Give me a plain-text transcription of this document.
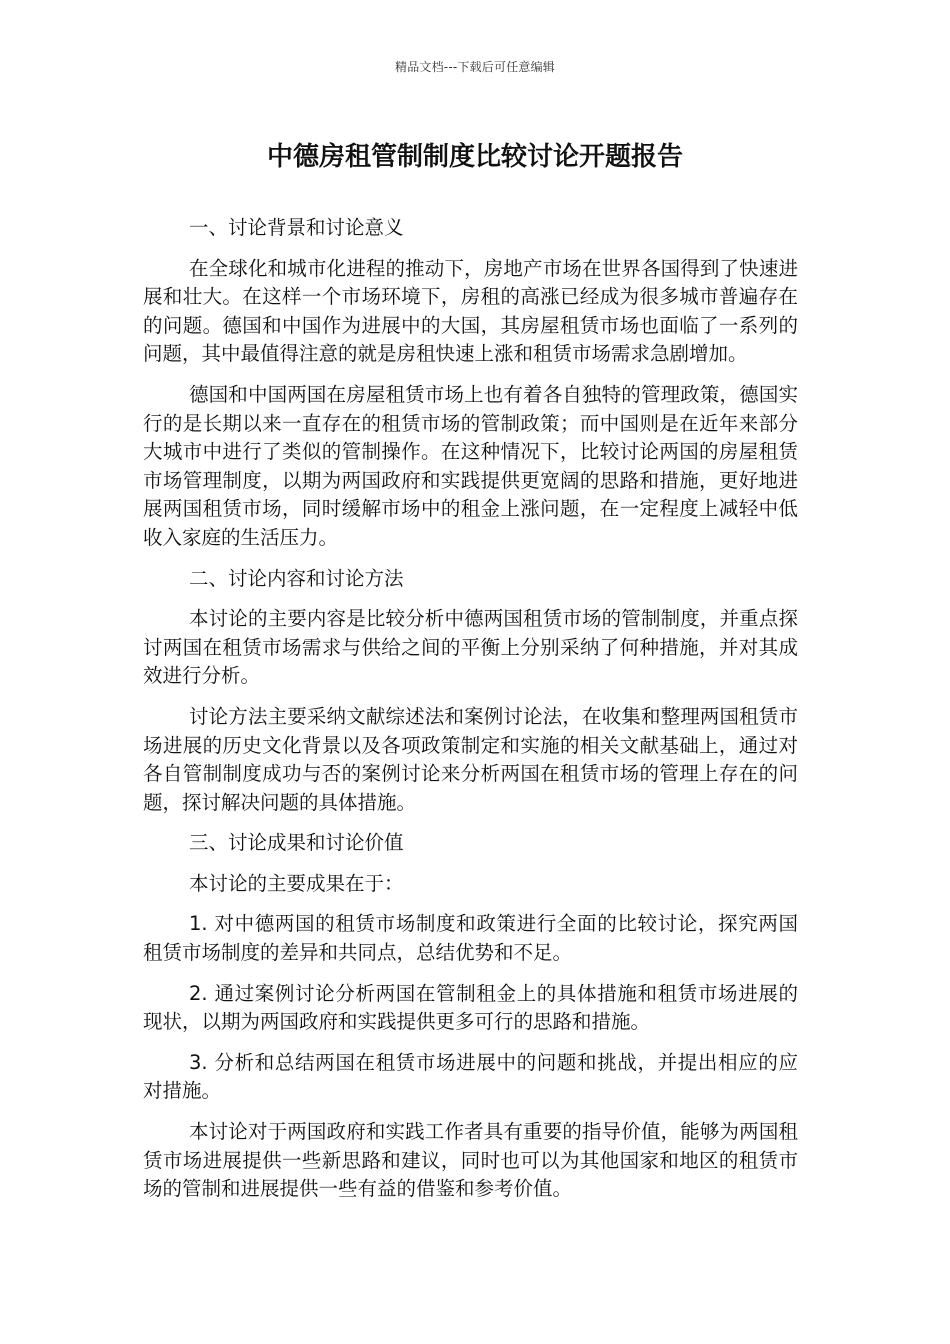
精品文档---下载后可任意编辑
中德房租管制制度比较讨论开题报告

一、讨论背景和讨论意义

在全球化和城市化进程的推动下，房地产市场在世界各国得到了快速进展和壮大。在这样一个市场环境下，房租的高涨已经成为很多城市普遍存在的问题。德国和中国作为进展中的大国，其房屋租赁市场也面临了一系列的问题，其中最值得注意的就是房租快速上涨和租赁市场需求急剧增加。

德国和中国两国在房屋租赁市场上也有着各自独特的管理政策，德国实行的是长期以来一直存在的租赁市场的管制政策；而中国则是在近年来部分大城市中进行了类似的管制操作。在这种情况下，比较讨论两国的房屋租赁市场管理制度，以期为两国政府和实践提供更宽阔的思路和措施，更好地进展两国租赁市场，同时缓解市场中的租金上涨问题，在一定程度上减轻中低收入家庭的生活压力。

二、讨论内容和讨论方法

本讨论的主要内容是比较分析中德两国租赁市场的管制制度，并重点探讨两国在租赁市场需求与供给之间的平衡上分别采纳了何种措施，并对其成效进行分析。

讨论方法主要采纳文献综述法和案例讨论法，在收集和整理两国租赁市场进展的历史文化背景以及各项政策制定和实施的相关文献基础上，通过对各自管制制度成功与否的案例讨论来分析两国在租赁市场的管理上存在的问题，探讨解决问题的具体措施。

三、讨论成果和讨论价值

本讨论的主要成果在于：

1. 对中德两国的租赁市场制度和政策进行全面的比较讨论，探究两国租赁市场制度的差异和共同点，总结优势和不足。

2. 通过案例讨论分析两国在管制租金上的具体措施和租赁市场进展的现状，以期为两国政府和实践提供更多可行的思路和措施。

3. 分析和总结两国在租赁市场进展中的问题和挑战，并提出相应的应对措施。

本讨论对于两国政府和实践工作者具有重要的指导价值，能够为两国租赁市场进展提供一些新思路和建议，同时也可以为其他国家和地区的租赁市场的管制和进展提供一些有益的借鉴和参考价值。
